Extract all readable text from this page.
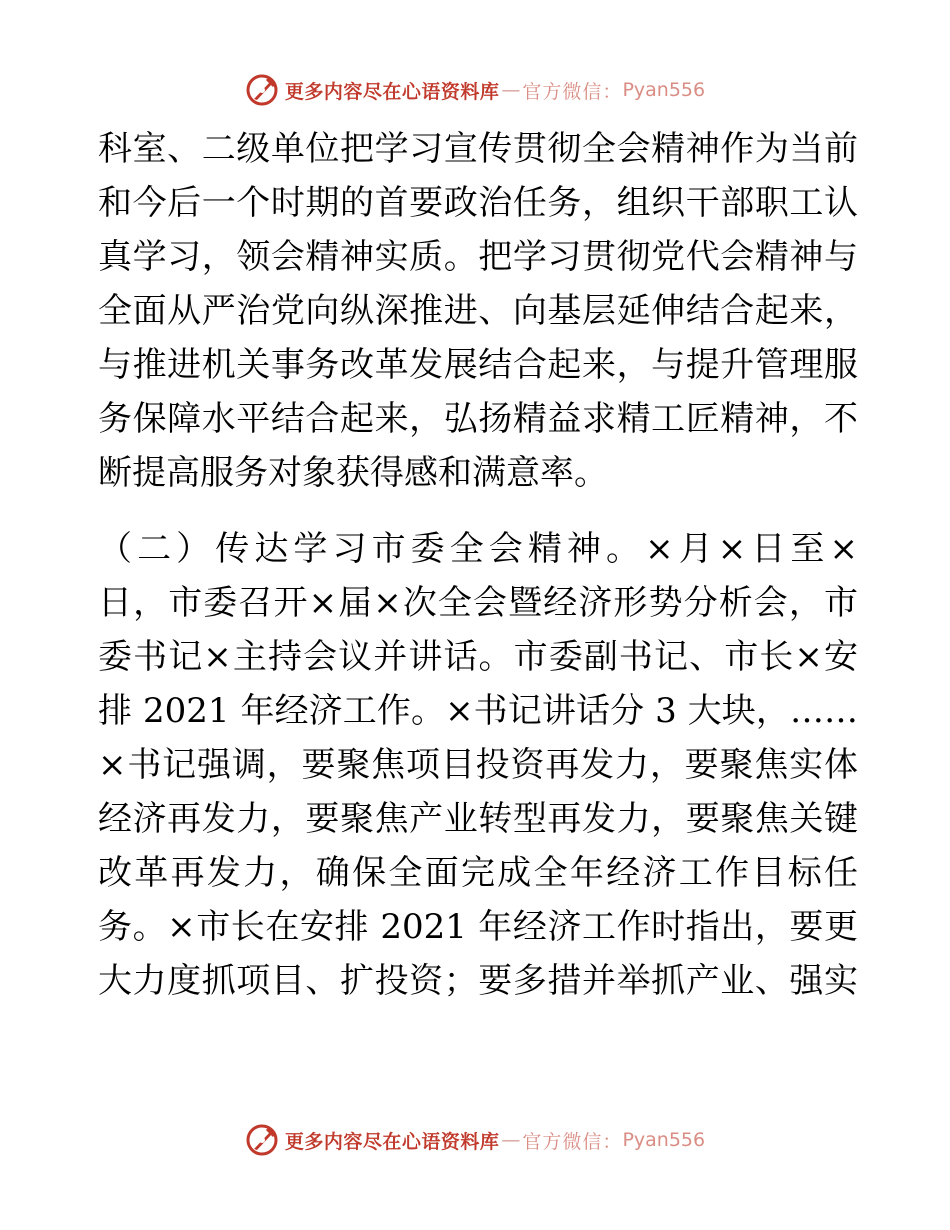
更多内容尽在心语资料库 — 官方微信： Pyan556
科室、二级单位把学习宣传贯彻全会精神作为当前
和今后一个时期的首要政治任务，组织干部职工认
真学习，领会精神实质。把学习贯彻党代会精神与
全面从严治党向纵深推进、向基层延伸结合起来，
与推进机关事务改革发展结合起来，与提升管理服
务保障水平结合起来，弘扬精益求精工匠精神，不
断提高服务对象获得感和满意率。
（二）传达学习市委全会精神。×月×日至×
日，市委召开×届×次全会暨经济形势分析会，市
委书记×主持会议并讲话。市委副书记、市长×安
排 2021 年经济工作。×书记讲话分 3 大块，……
×书记强调，要聚焦项目投资再发力，要聚焦实体
经济再发力，要聚焦产业转型再发力，要聚焦关键
改革再发力，确保全面完成全年经济工作目标任
务。×市长在安排 2021 年经济工作时指出，要更
大力度抓项目、扩投资；要多措并举抓产业、强实
更多内容尽在心语资料库 — 官方微信： Pyan556
